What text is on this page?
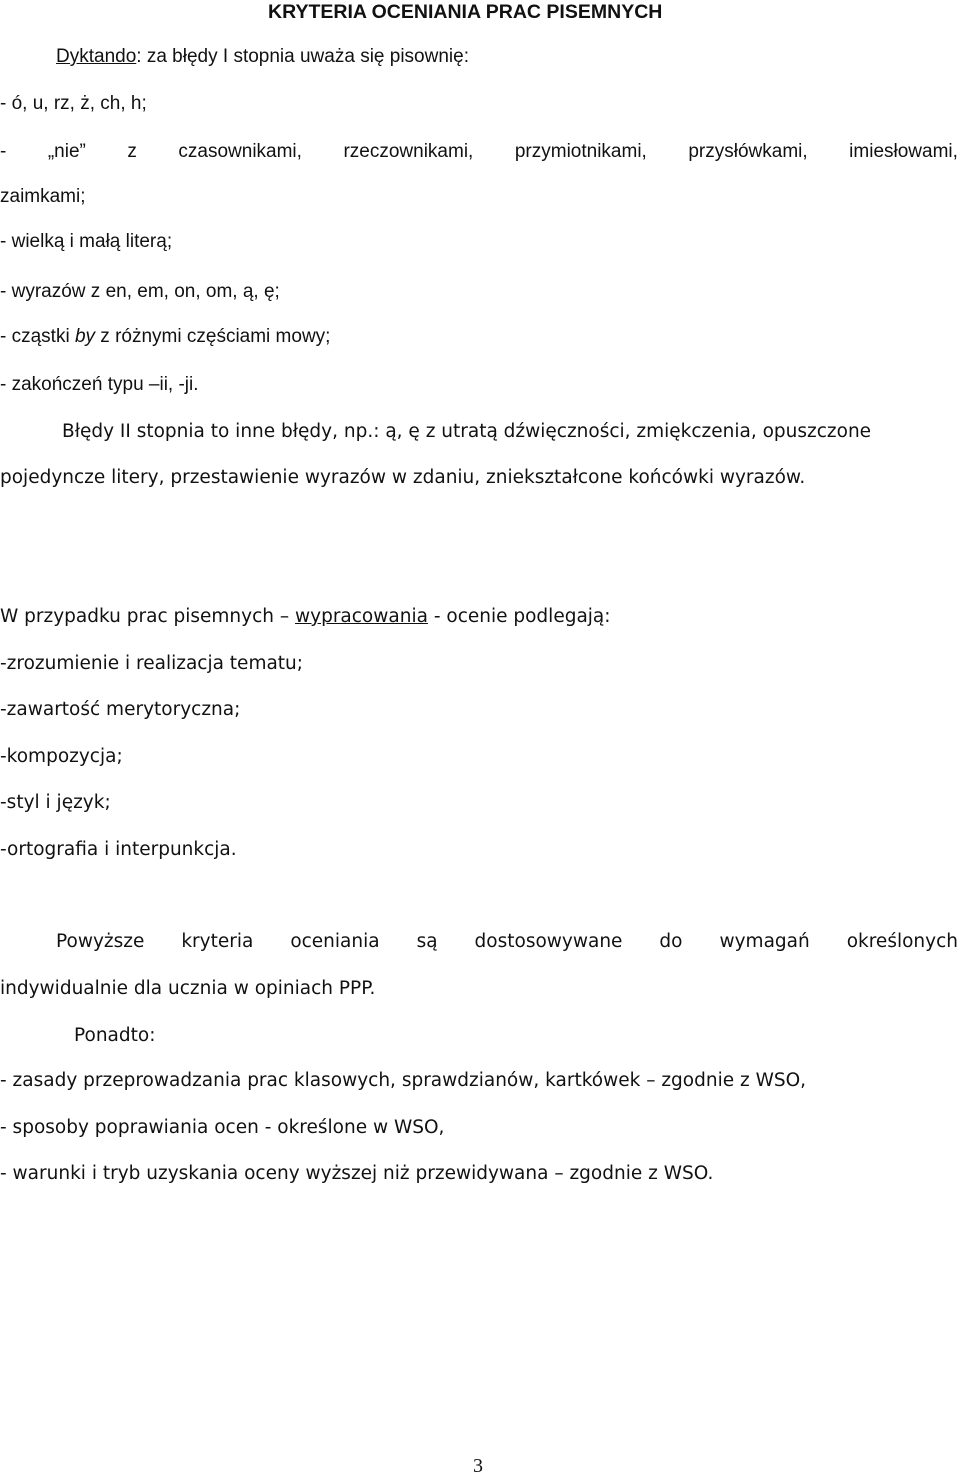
KRYTERIA OCENIANIA PRAC PISEMNYCH
Dyktando: za błędy I stopnia uważa się pisownię:
- ó, u, rz, ż, ch, h;
- „nie” z czasownikami, rzeczownikami, przymiotnikami, przysłówkami, imiesłowami,
zaimkami;
- wielką i małą literą;
- wyrazów z en, em, on, om, ą, ę;
- cząstki by z różnymi częściami mowy;
- zakończeń typu –ii, -ji.
Błędy II stopnia to inne błędy, np.: ą, ę z utratą dźwięczności, zmiękczenia, opuszczone
pojedyncze litery, przestawienie wyrazów w zdaniu, zniekształcone końcówki wyrazów.
W przypadku prac pisemnych – wypracowania - ocenie podlegają:
-zrozumienie i realizacja tematu;
-zawartość merytoryczna;
-kompozycja;
-styl i język;
-ortografia i interpunkcja.
Powyższe kryteria oceniania są dostosowywane do wymagań określonych
indywidualnie dla ucznia w opiniach PPP.
Ponadto:
- zasady przeprowadzania prac klasowych, sprawdzianów, kartkówek – zgodnie z WSO,
- sposoby poprawiania ocen - określone w WSO,
- warunki i tryb uzyskania oceny wyższej niż przewidywana – zgodnie z WSO.
3
